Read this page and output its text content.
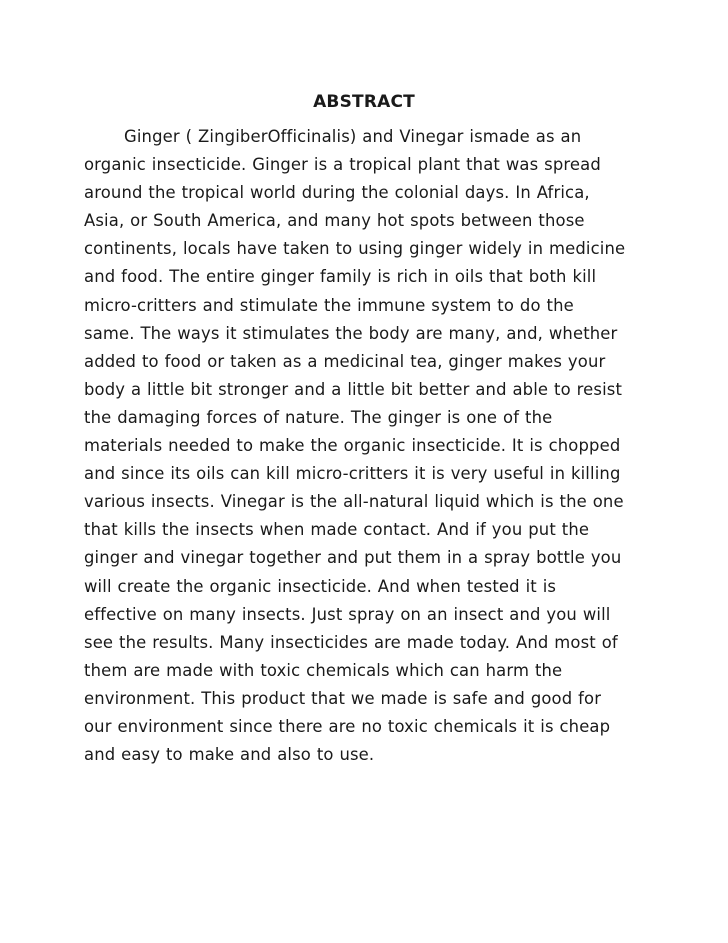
ABSTRACT

Ginger ( ZingiberOfficinalis) and Vinegar ismade as an
organic insecticide. Ginger is a tropical plant that was spread
around the tropical world during the colonial days. In Africa,
Asia, or South America, and many hot spots between those
continents, locals have taken to using ginger widely in medicine
and food. The entire ginger family is rich in oils that both kill
micro-critters and stimulate the immune system to do the
same. The ways it stimulates the body are many, and, whether
added to food or taken as a medicinal tea, ginger makes your
body a little bit stronger and a little bit better and able to resist
the damaging forces of nature. The ginger is one of the
materials needed to make the organic insecticide. It is chopped
and since its oils can kill micro-critters it is very useful in killing
various insects. Vinegar is the all-natural liquid which is the one
that kills the insects when made contact. And if you put the
ginger and vinegar together and put them in a spray bottle you
will create the organic insecticide. And when tested it is
effective on many insects. Just spray on an insect and you will
see the results. Many insecticides are made today. And most of
them are made with toxic chemicals which can harm the
environment. This product that we made is safe and good for
our environment since there are no toxic chemicals it is cheap
and easy to make and also to use.
